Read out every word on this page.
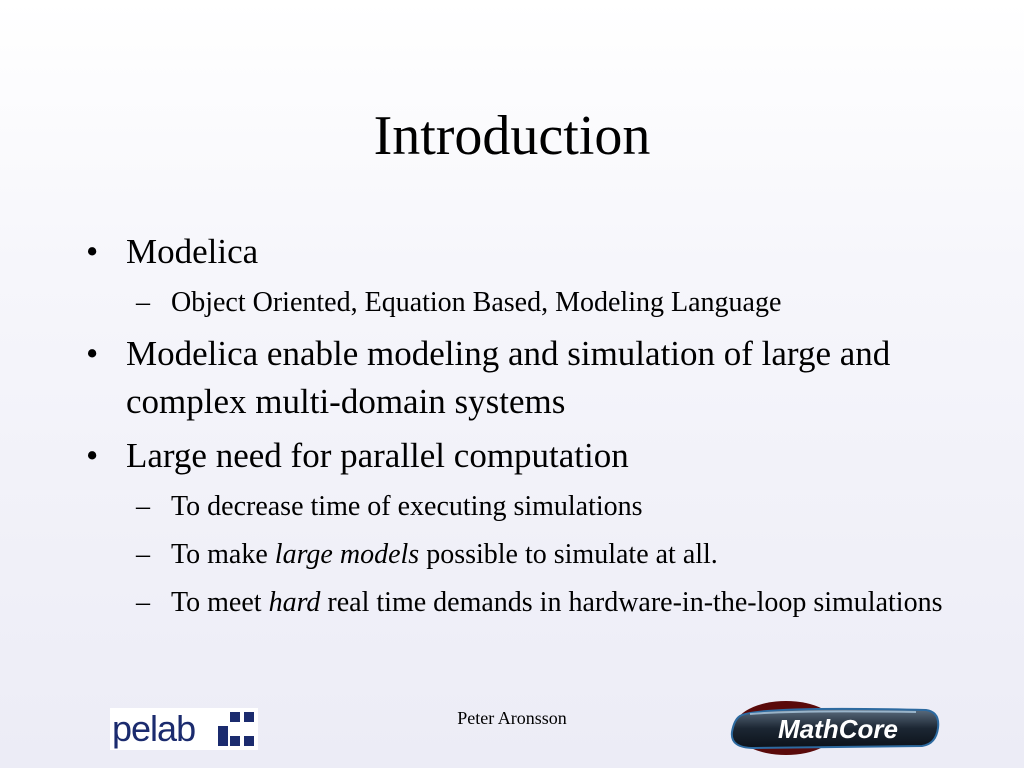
Introduction
• Modelica
– Object Oriented, Equation Based, Modeling Language
• Modelica enable modeling and simulation of large and complex multi-domain systems
• Large need for parallel computation
– To decrease time of executing simulations
– To make large models possible to simulate at all.
– To meet hard real time demands in hardware-in-the-loop simulations
Peter Aronsson
pelab	MathCore
